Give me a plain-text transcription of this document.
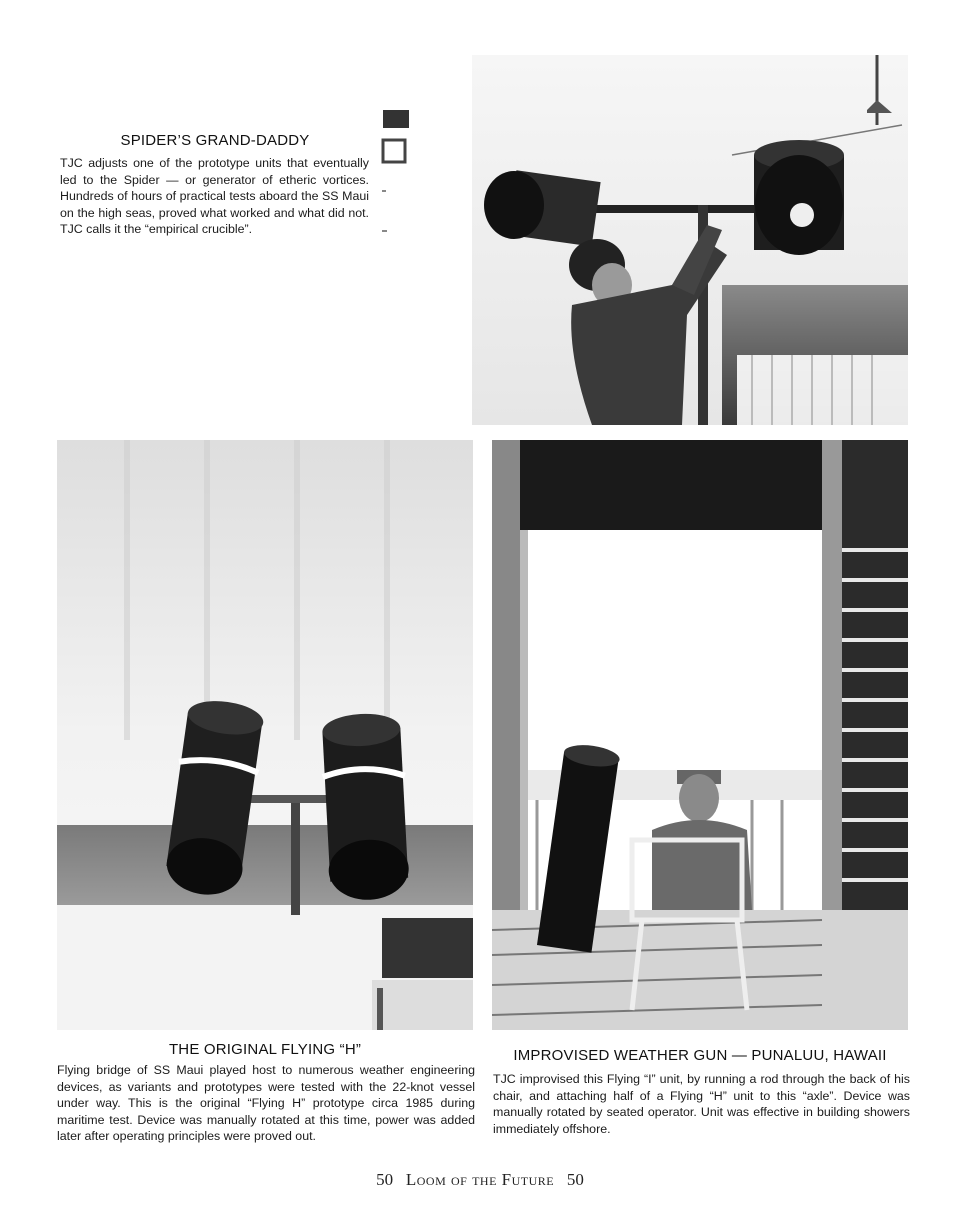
SPIDER’S GRAND-DADDY
TJC adjusts one of the prototype units that eventually led to the Spider — or generator of etheric vortices. Hundreds of hours of practical tests aboard the SS Maui on the high seas, proved what worked and what did not. TJC calls it the “empirical crucible”.
THE ORIGINAL FLYING “H”
Flying bridge of SS Maui played host to numerous weather engineering devices, as variants and prototypes were tested with the 22-knot vessel under way. This is the original “Flying H” prototype circa 1985 during maritime test. Device was manually rotated at this time, power was added later after operating principles were proved out.
IMPROVISED WEATHER GUN — PUNALUU, HAWAII
TJC improvised this Flying “I” unit, by running a rod through the back of his chair, and attaching half of a Flying “H” unit to this “axle”. Device was manually rotated by seated operator. Unit was effective in building showers immediately offshore.
50 Loom of the Future 50
